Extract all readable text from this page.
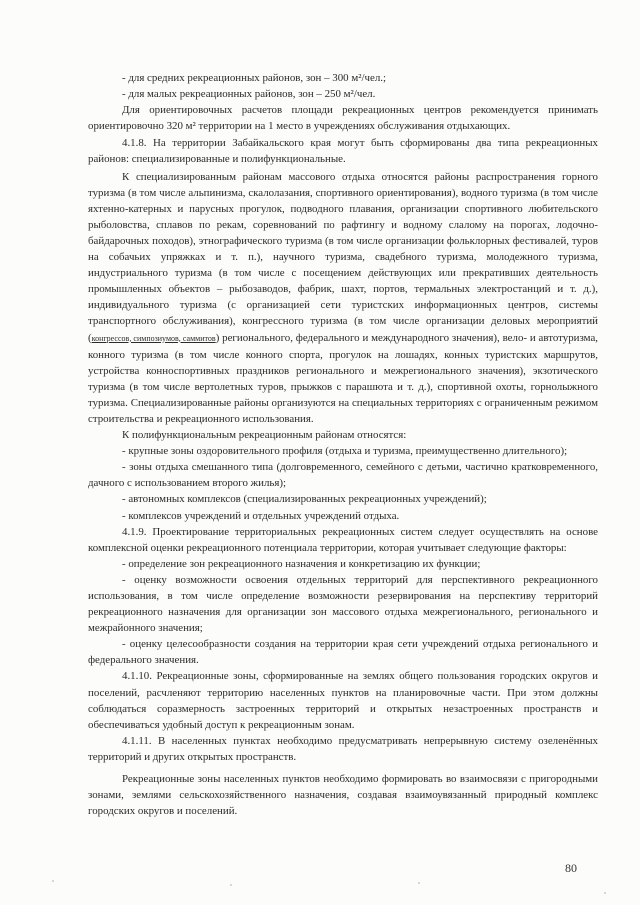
- для средних рекреационных районов, зон – 300 м²/чел.;

- для малых рекреационных районов, зон – 250 м²/чел.

Для ориентировочных расчетов площади рекреационных центров рекомендуется принимать ориентировочно 320 м² территории на 1 место в учреждениях обслуживания отдыхающих.

4.1.8. На территории Забайкальского края могут быть сформированы два типа рекреационных районов: специализированные и полифункциональные.

К специализированным районам массового отдыха относятся районы распространения горного туризма (в том числе альпинизма, скалолазания, спортивного ориентирования), водного туризма (в том числе яхтенно-катерных и парусных прогулок, подводного плавания, организации спортивного любительского рыболовства, сплавов по рекам, соревнований по рафтингу и водному слалому на порогах, лодочно-байдарочных походов), этнографического туризма (в том числе организации фольклорных фестивалей, туров на собачьих упряжках и т. п.), научного туризма, свадебного туризма, молодежного туризма, индустриального туризма (в том числе с посещением действующих или прекративших деятельность промышленных объектов – рыбозаводов, фабрик, шахт, портов, термальных электростанций и т. д.), индивидуального туризма (с организацией сети туристских информационных центров, системы транспортного обслуживания), конгрессного туризма (в том числе организации деловых мероприятий (конгрессов, симпозиумов, саммитов) регионального, федерального и международного значения), вело- и автотуризма, конного туризма (в том числе конного спорта, прогулок на лошадях, конных туристских маршрутов, устройства конноспортивных праздников регионального и межрегионального значения), экзотического туризма (в том числе вертолетных туров, прыжков с парашюта и т. д.), спортивной охоты, горнолыжного туризма. Специализированные районы организуются на специальных территориях с ограниченным режимом строительства и рекреационного использования.

К полифункциональным рекреационным районам относятся:

- крупные зоны оздоровительного профиля (отдыха и туризма, преимущественно длительного);

- зоны отдыха смешанного типа (долговременного, семейного с детьми, частично кратковременного, дачного с использованием второго жилья);

- автономных комплексов (специализированных рекреационных учреждений);

- комплексов учреждений и отдельных учреждений отдыха.

4.1.9. Проектирование территориальных рекреационных систем следует осуществлять на основе комплексной оценки рекреационного потенциала территории, которая учитывает следующие факторы:

- определение зон рекреационного назначения и конкретизацию их функции;

- оценку возможности освоения отдельных территорий для перспективного рекреационного использования, в том числе определение возможности резервирования на перспективу территорий рекреационного назначения для организации зон массового отдыха межрегионального, регионального и межрайонного значения;

- оценку целесообразности создания на территории края сети учреждений отдыха регионального и федерального значения.

4.1.10. Рекреационные зоны, сформированные на землях общего пользования городских округов и поселений, расчленяют территорию населенных пунктов на планировочные части. При этом должны соблюдаться соразмерность застроенных территорий и открытых незастроенных пространств и обеспечиваться удобный доступ к рекреационным зонам.

4.1.11. В населенных пунктах необходимо предусматривать непрерывную систему озеленённых территорий и других открытых пространств.

Рекреационные зоны населенных пунктов необходимо формировать во взаимосвязи с пригородными зонами, землями сельскохозяйственного назначения, создавая взаимоувязанный природный комплекс городских округов и поселений.

80
